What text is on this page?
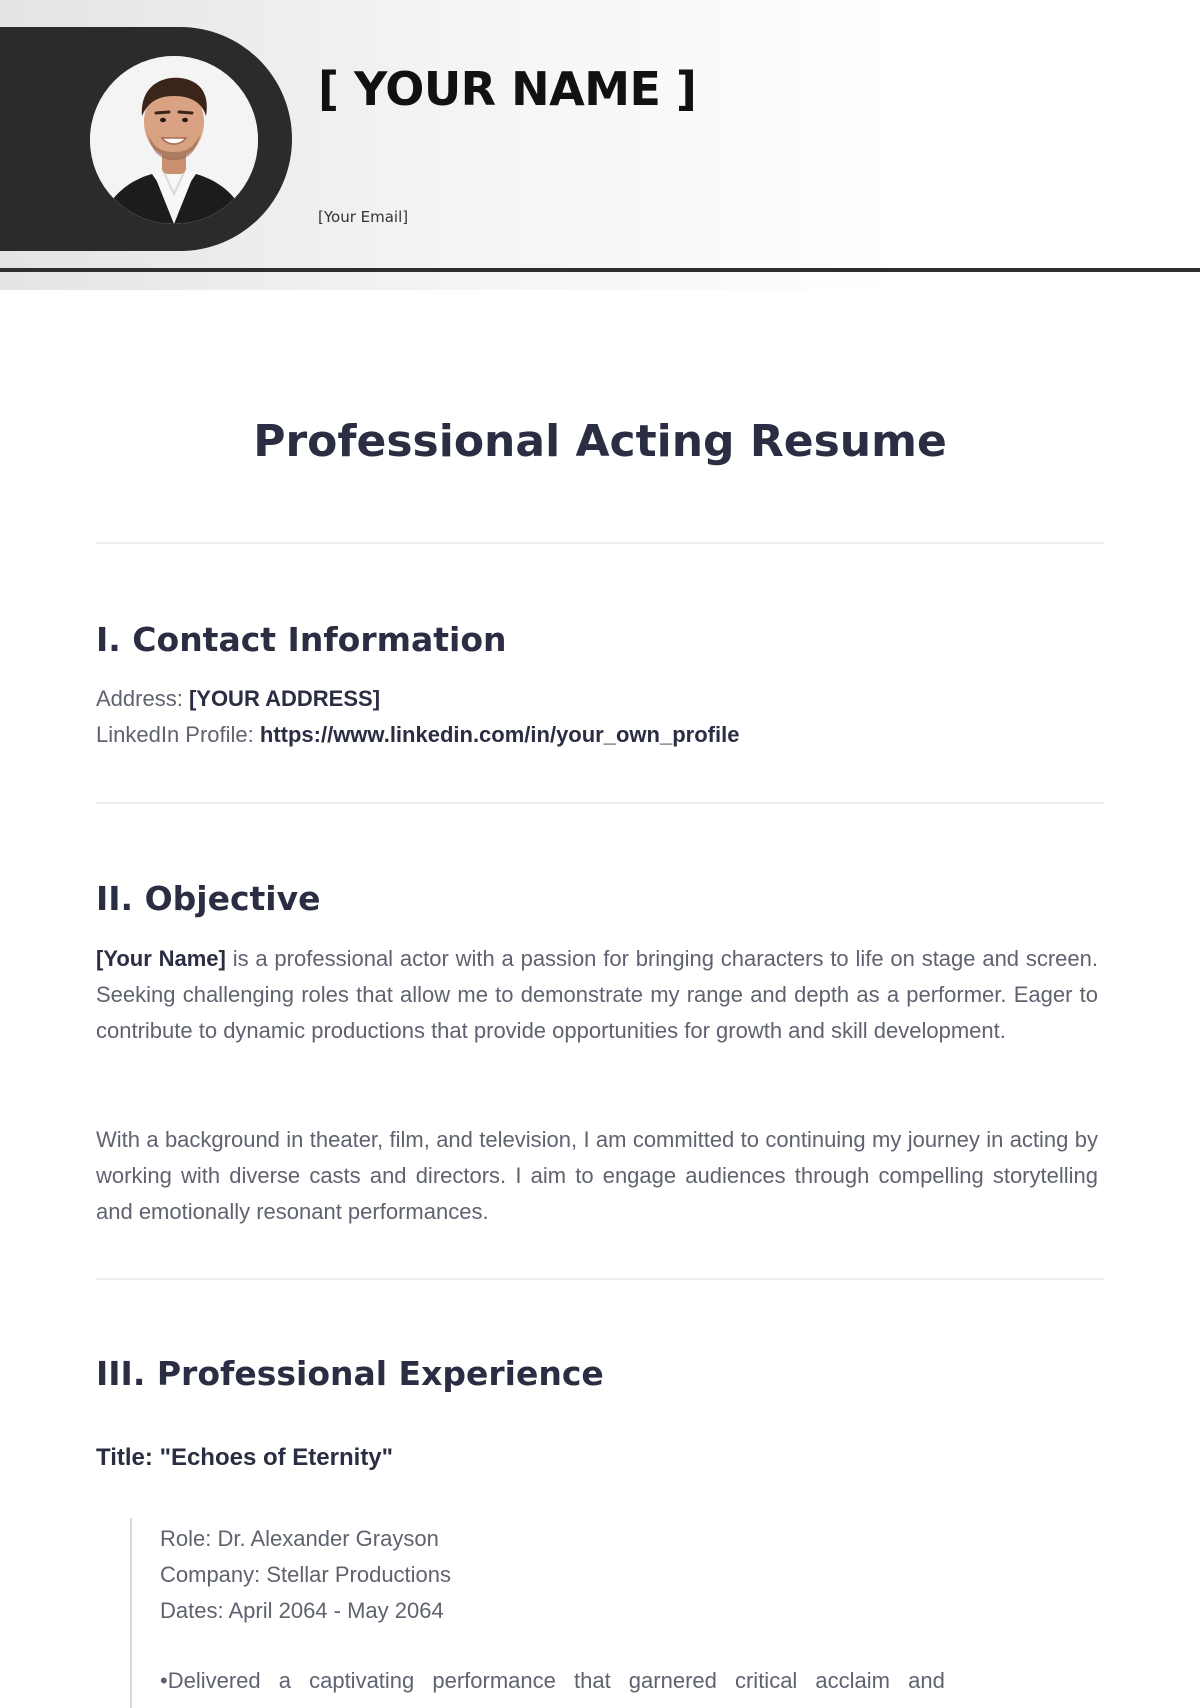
[ YOUR NAME ]
[Your Email]
Professional Acting Resume
I. Contact Information
Address: [YOUR ADDRESS]
LinkedIn Profile: https://www.linkedin.com/in/your_own_profile
II. Objective

[Your Name] is a professional actor with a passion for bringing characters to life on stage and screen. Seeking challenging roles that allow me to demonstrate my range and depth as a performer. Eager to contribute to dynamic productions that provide opportunities for growth and skill development.

With a background in theater, film, and television, I am committed to continuing my journey in acting by working with diverse casts and directors. I aim to engage audiences through compelling storytelling and emotionally resonant performances.

III. Professional Experience
Title: "Echoes of Eternity"
Role: Dr. Alexander Grayson
Company: Stellar Productions
Dates: April 2064 - May 2064
•Delivered a captivating performance that garnered critical acclaim and
